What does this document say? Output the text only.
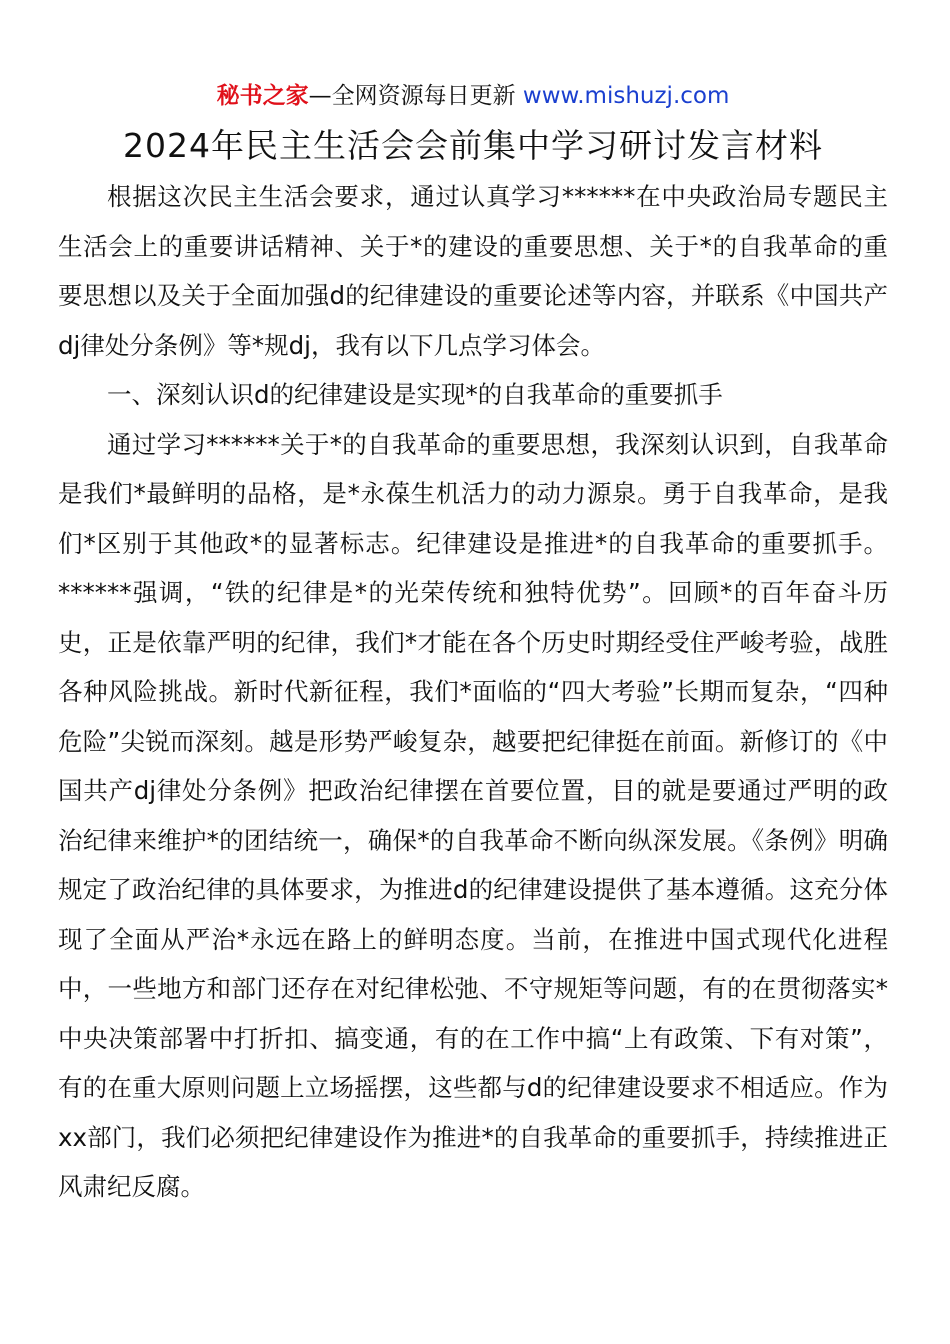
秘书之家—全网资源每日更新 www.mishuzj.com
2024年民主生活会会前集中学习研讨发言材料

根据这次民主生活会要求，通过认真学习******在中央政治局专题民主生活会上的重要讲话精神、关于*的建设的重要思想、关于*的自我革命的重要思想以及关于全面加强d的纪律建设的重要论述等内容，并联系《中国共产dj律处分条例》等*规dj，我有以下几点学习体会。

一、深刻认识d的纪律建设是实现*的自我革命的重要抓手

通过学习******关于*的自我革命的重要思想，我深刻认识到，自我革命是我们*最鲜明的品格，是*永葆生机活力的动力源泉。勇于自我革命，是我们*区别于其他政*的显著标志。纪律建设是推进*的自我革命的重要抓手。******强调，“铁的纪律是*的光荣传统和独特优势”。回顾*的百年奋斗历史，正是依靠严明的纪律，我们*才能在各个历史时期经受住严峻考验，战胜各种风险挑战。新时代新征程，我们*面临的“四大考验”长期而复杂，“四种危险”尖锐而深刻。越是形势严峻复杂，越要把纪律挺在前面。新修订的《中国共产dj律处分条例》把政治纪律摆在首要位置，目的就是要通过严明的政治纪律来维护*的团结统一，确保*的自我革命不断向纵深发展。《条例》明确规定了政治纪律的具体要求，为推进d的纪律建设提供了基本遵循。这充分体现了全面从严治*永远在路上的鲜明态度。当前，在推进中国式现代化进程中，一些地方和部门还存在对纪律松弛、不守规矩等问题，有的在贯彻落实*中央决策部署中打折扣、搞变通，有的在工作中搞“上有政策、下有对策”，有的在重大原则问题上立场摇摆，这些都与d的纪律建设要求不相适应。作为xx部门，我们必须把纪律建设作为推进*的自我革命的重要抓手，持续推进正风肃纪反腐。
